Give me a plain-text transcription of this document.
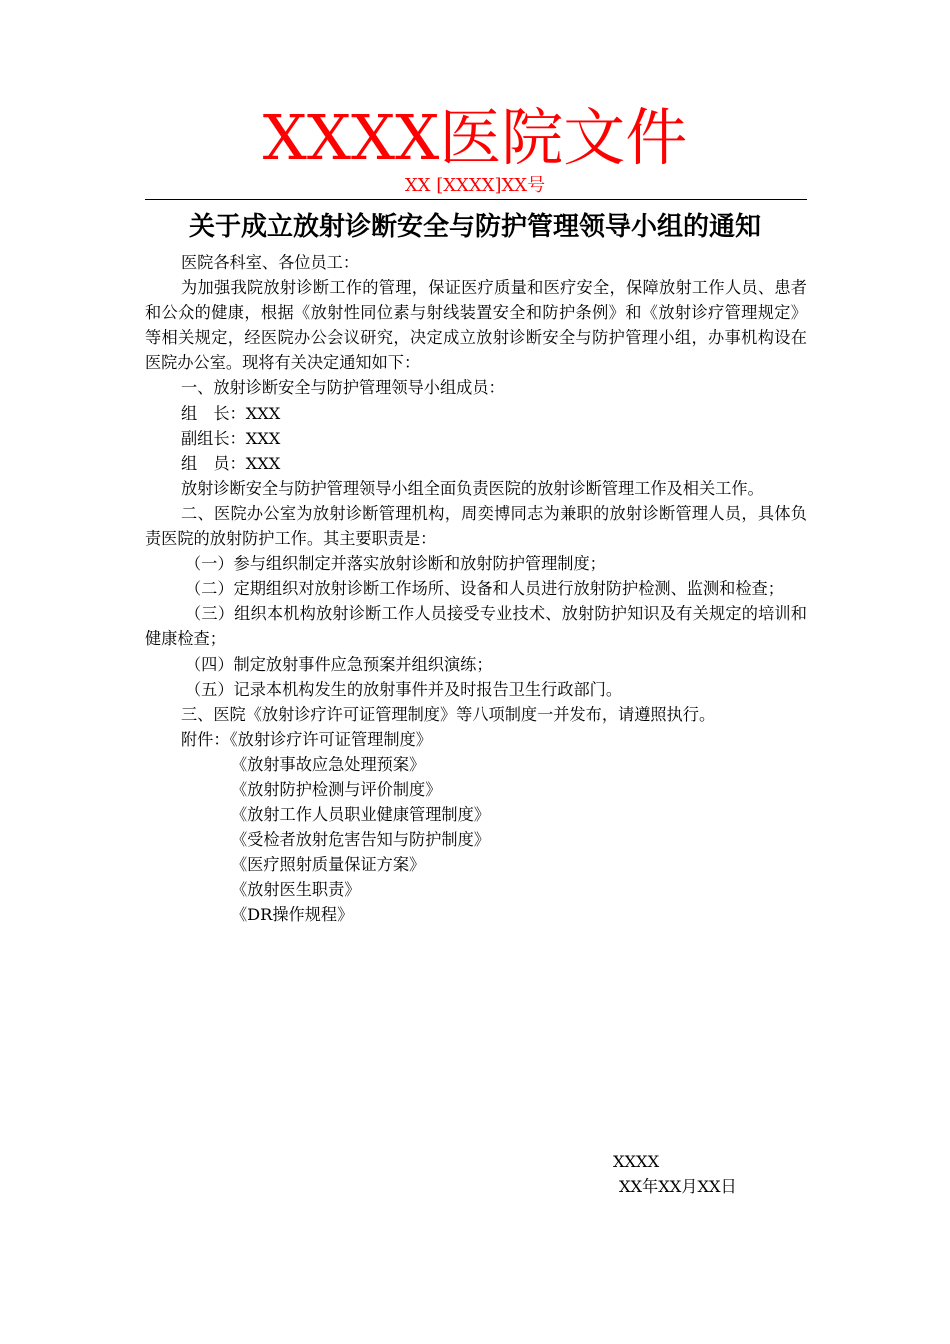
XXXX医院文件
XX [XXXX]XX号
关于成立放射诊断安全与防护管理领导小组的通知

医院各科室、各位员工：

为加强我院放射诊断工作的管理，保证医疗质量和医疗安全，保障放射工作人员、患者和公众的健康，根据《放射性同位素与射线装置安全和防护条例》和《放射诊疗管理规定》等相关规定，经医院办公会议研究，决定成立放射诊断安全与防护管理小组，办事机构设在医院办公室。现将有关决定通知如下：

一、放射诊断安全与防护管理领导小组成员：

组　长：XXX

副组长：XXX

组　员：XXX

放射诊断安全与防护管理领导小组全面负责医院的放射诊断管理工作及相关工作。

二、医院办公室为放射诊断管理机构，周奕博同志为兼职的放射诊断管理人员，具体负责医院的放射防护工作。其主要职责是：

（一）参与组织制定并落实放射诊断和放射防护管理制度；

（二）定期组织对放射诊断工作场所、设备和人员进行放射防护检测、监测和检查；

（三）组织本机构放射诊断工作人员接受专业技术、放射防护知识及有关规定的培训和健康检查；

（四）制定放射事件应急预案并组织演练；

（五）记录本机构发生的放射事件并及时报告卫生行政部门。

三、医院《放射诊疗许可证管理制度》等八项制度一并发布，请遵照执行。

附件：《放射诊疗许可证管理制度》

《放射事故应急处理预案》

《放射防护检测与评价制度》

《放射工作人员职业健康管理制度》

《受检者放射危害告知与防护制度》

《医疗照射质量保证方案》

《放射医生职责》

《DR操作规程》

XXXX
XX年XX月XX日
